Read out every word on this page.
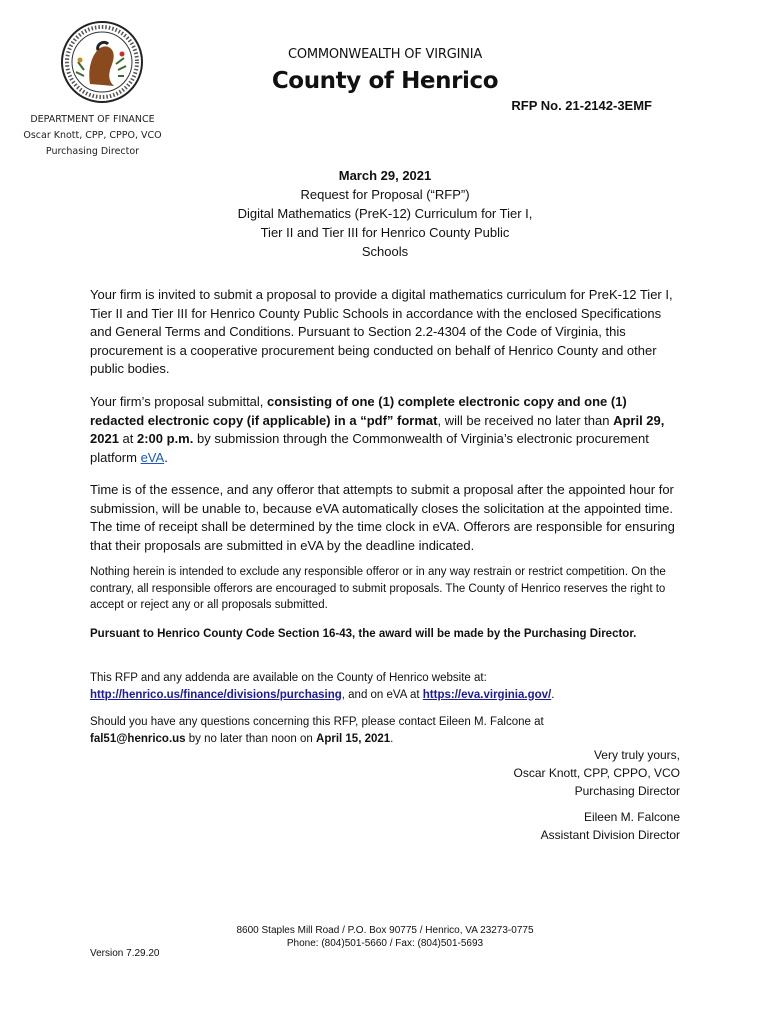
COMMONWEALTH OF VIRGINIA
County of Henrico
RFP No. 21-2142-3EMF
DEPARTMENT OF FINANCE
Oscar Knott, CPP, CPPO, VCO
Purchasing Director
March 29, 2021
Request for Proposal (“RFP”)
Digital Mathematics (PreK-12) Curriculum for Tier I,
Tier II and Tier III for Henrico County Public
Schools
Your firm is invited to submit a proposal to provide a digital mathematics curriculum for PreK-12 Tier I, Tier II and Tier III for Henrico County Public Schools in accordance with the enclosed Specifications and General Terms and Conditions. Pursuant to Section 2.2-4304 of the Code of Virginia, this procurement is a cooperative procurement being conducted on behalf of Henrico County and other public bodies.
Your firm’s proposal submittal, consisting of one (1) complete electronic copy and one (1) redacted electronic copy (if applicable) in a “pdf” format, will be received no later than April 29, 2021 at 2:00 p.m. by submission through the Commonwealth of Virginia’s electronic procurement platform eVA.
Time is of the essence, and any offeror that attempts to submit a proposal after the appointed hour for submission, will be unable to, because eVA automatically closes the solicitation at the appointed time. The time of receipt shall be determined by the time clock in eVA. Offerors are responsible for ensuring that their proposals are submitted in eVA by the deadline indicated.
Nothing herein is intended to exclude any responsible offeror or in any way restrain or restrict competition. On the contrary, all responsible offerors are encouraged to submit proposals. The County of Henrico reserves the right to accept or reject any or all proposals submitted.
Pursuant to Henrico County Code Section 16-43, the award will be made by the Purchasing Director.
This RFP and any addenda are available on the County of Henrico website at:
http://henrico.us/finance/divisions/purchasing, and on eVA at https://eva.virginia.gov/.
Should you have any questions concerning this RFP, please contact Eileen M. Falcone at
fal51@henrico.us by no later than noon on April 15, 2021.
Very truly yours,
Oscar Knott, CPP, CPPO, VCO
Purchasing Director
Eileen M. Falcone
Assistant Division Director
8600 Staples Mill Road / P.O. Box 90775 / Henrico, VA 23273-0775
Phone: (804)501-5660 / Fax: (804)501-5693
Version 7.29.20
